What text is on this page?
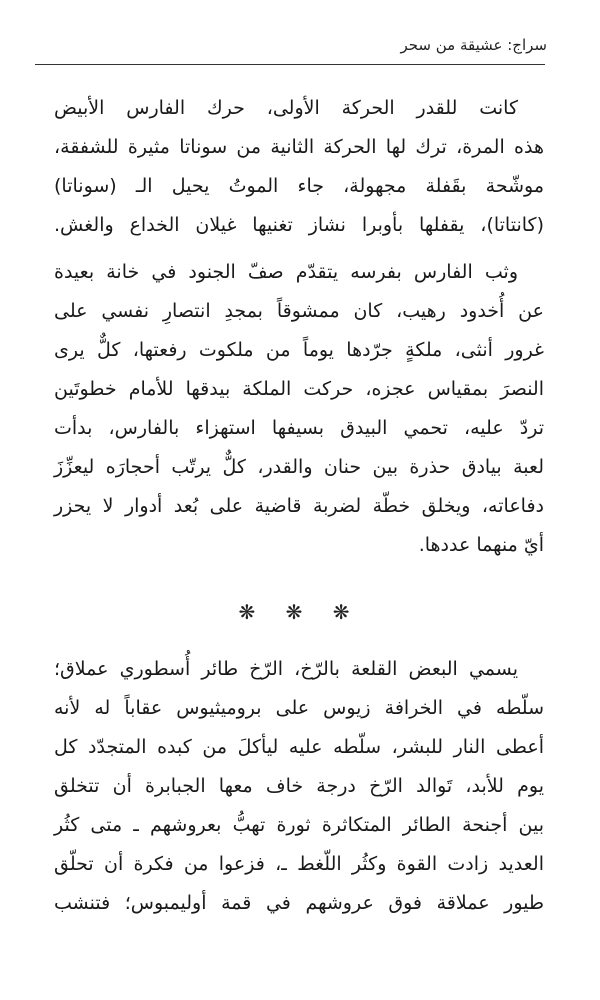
سراج: عشيقة من سحر
كانت للقدر الحركة الأولى، حرك الفارس الأبيض
هذه المرة، ترك لها الحركة الثانية من سوناتا مثيرة للشفقة،
موشّحة بقَفلة مجهولة، جاء الموتُ يحيل الـ (سوناتا)
(كانتاتا)، يقفلها بأوبرا نشاز تغنيها غيلان الخداع والغش.
وثب الفارس بفرسه يتقدّم صفّ الجنود في خانة بعيدة
عن أُخدود رهيب، كان ممشوقاً بمجدِ انتصارِ نفسي على
غرور أنثى، ملكةٍ جرّدها يوماً من ملكوت رفعتها، كلٌّ يرى
النصرَ بمقياس عجزه، حركت الملكة بيدقها للأمام خطوتَين
تردّ عليه، تحمي البيدق بسيفها استهزاء بالفارس، بدأت
لعبة بيادق حذرة بين حنان والقدر، كلٌّ يرتّب أحجارَه ليعزِّزَ
دفاعاته، ويخلق خطّة لضربة قاضية على بُعد أدوار لا يحزر
أيّ منهما عددها.
❋ ❋ ❋
يسمي البعض القلعة بالرّخ، الرّخ طائر أُسطوري عملاق؛
سلّطه في الخرافة زيوس على بروميثيوس عقاباً له لأنه
أعطى النار للبشر، سلّطه عليه ليأكلَ من كبده المتجدّد كل
يوم للأبد، تَوالد الرّخ درجة خاف معها الجبابرة أن تتخلق
بين أجنحة الطائر المتكاثرة ثورة تهبُّ بعروشهم ـ متى كثُر
العديد زادت القوة وكثُر اللّغط ـ، فزعوا من فكرة أن تحلّق
طيور عملاقة فوق عروشهم في قمة أوليمبوس؛ فتنشب
